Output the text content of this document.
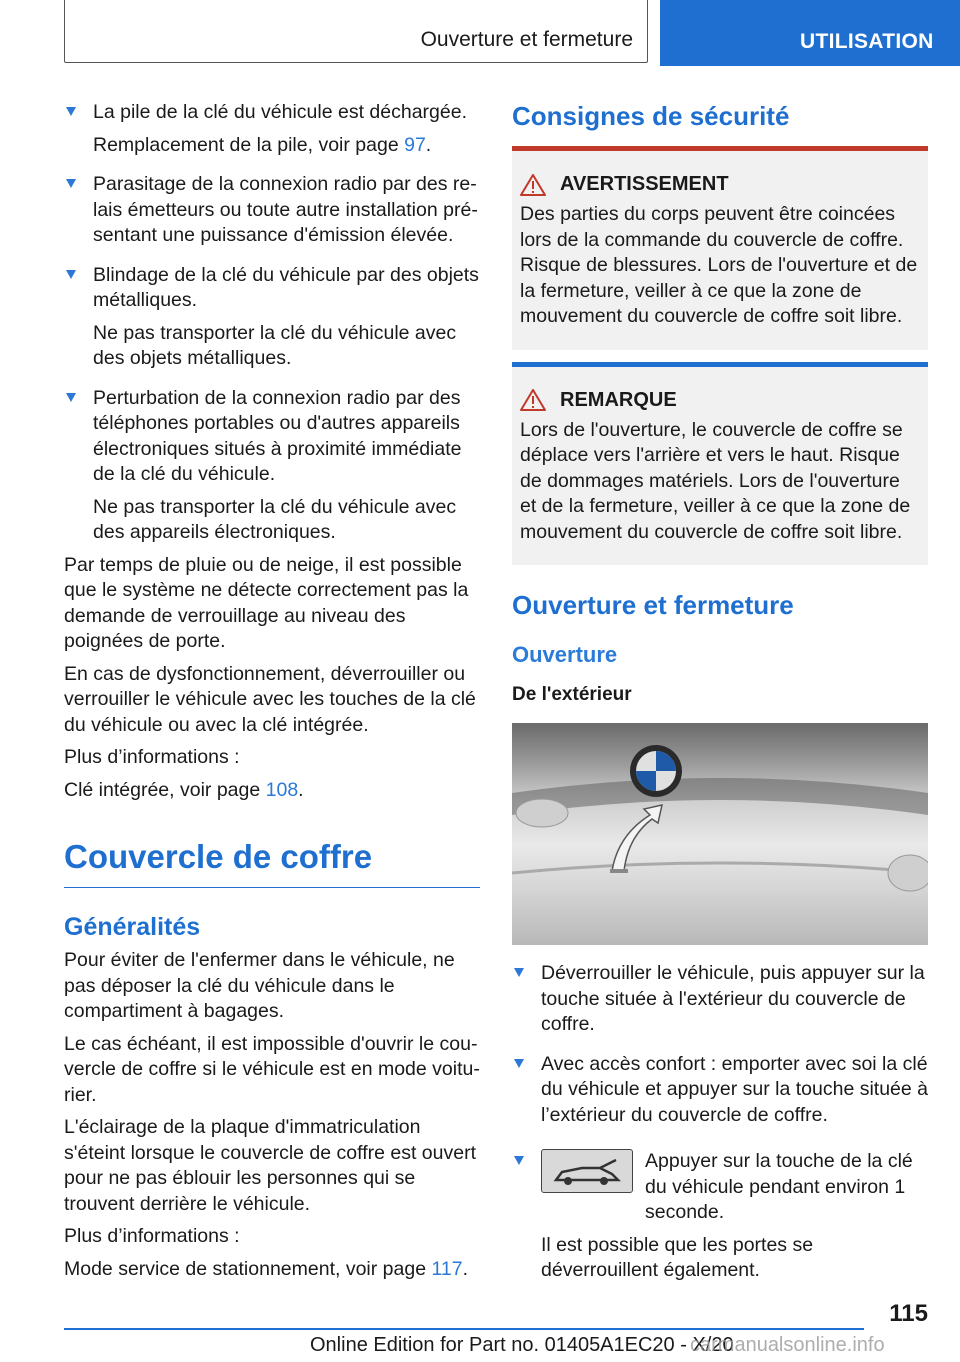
Ouverture et fermeture	UTILISATION

La pile de la clé du véhicule est déchargée.

Remplacement de la pile, voir page 97.

Parasitage de la connexion radio par des relais émetteurs ou toute autre installation présentant une puissance d'émission élevée.

Blindage de la clé du véhicule par des objets métalliques.

Ne pas transporter la clé du véhicule avec des objets métalliques.

Perturbation de la connexion radio par des téléphones portables ou d'autres appareils électroniques situés à proximité immédiate de la clé du véhicule.

Ne pas transporter la clé du véhicule avec des appareils électroniques.

Par temps de pluie ou de neige, il est possible que le système ne détecte correctement pas la demande de verrouillage au niveau des poignées de porte.

En cas de dysfonctionnement, déverrouiller ou verrouiller le véhicule avec les touches de la clé du véhicule ou avec la clé intégrée.

Plus d’informations :

Clé intégrée, voir page 108.

Couvercle de coffre
Généralités

Pour éviter de l'enfermer dans le véhicule, ne pas déposer la clé du véhicule dans le compartiment à bagages.

Le cas échéant, il est impossible d'ouvrir le couvercle de coffre si le véhicule est en mode voiturier.

L'éclairage de la plaque d'immatriculation s'éteint lorsque le couvercle de coffre est ouvert pour ne pas éblouir les personnes qui se trouvent derrière le véhicule.

Plus d’informations :

Mode service de stationnement, voir page 117.

Consignes de sécurité
AVERTISSEMENT

Des parties du corps peuvent être coincées lors de la commande du couvercle de coffre. Risque de blessures. Lors de l'ouverture et de la fermeture, veiller à ce que la zone de mouvement du couvercle de coffre soit libre.

REMARQUE

Lors de l'ouverture, le couvercle de coffre se déplace vers l'arrière et vers le haut. Risque de dommages matériels. Lors de l'ouverture et de la fermeture, veiller à ce que la zone de mouvement du couvercle de coffre soit libre.

Ouverture et fermeture
Ouverture
De l'extérieur

Déverrouiller le véhicule, puis appuyer sur la touche située à l'extérieur du couvercle de coffre.

Avec accès confort : emporter avec soi la clé du véhicule et appuyer sur la touche située à l’extérieur du couvercle de coffre.

Appuyer sur la touche de la clé du véhicule pendant environ 1 seconde.

Il est possible que les portes se déverrouillent également.

115
Online Edition for Part no. 01405A1EC20 - X/20
carmanualsonline.info
